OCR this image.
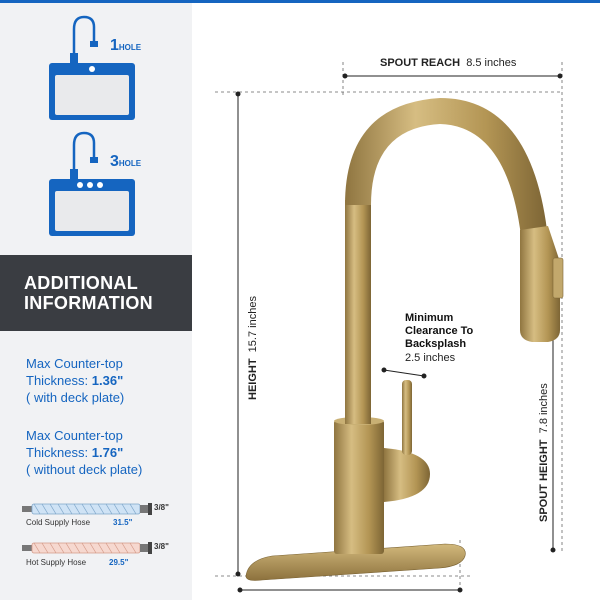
1HOLE
3HOLE
ADDITIONAL
INFORMATION
Max Counter-top
Thickness: 1.36"
( with deck plate)
Max Counter-top
Thickness: 1.76"
( without deck plate)
3/8"
Cold Supply Hose	31.5"
3/8"
Hot Supply Hose	29.5"
SPOUT REACH 8.5 inches
HEIGHT  15.7 inches
SPOUT HEIGHT  7.8 inches
Minimum
Clearance To
Backsplash
2.5 inches
